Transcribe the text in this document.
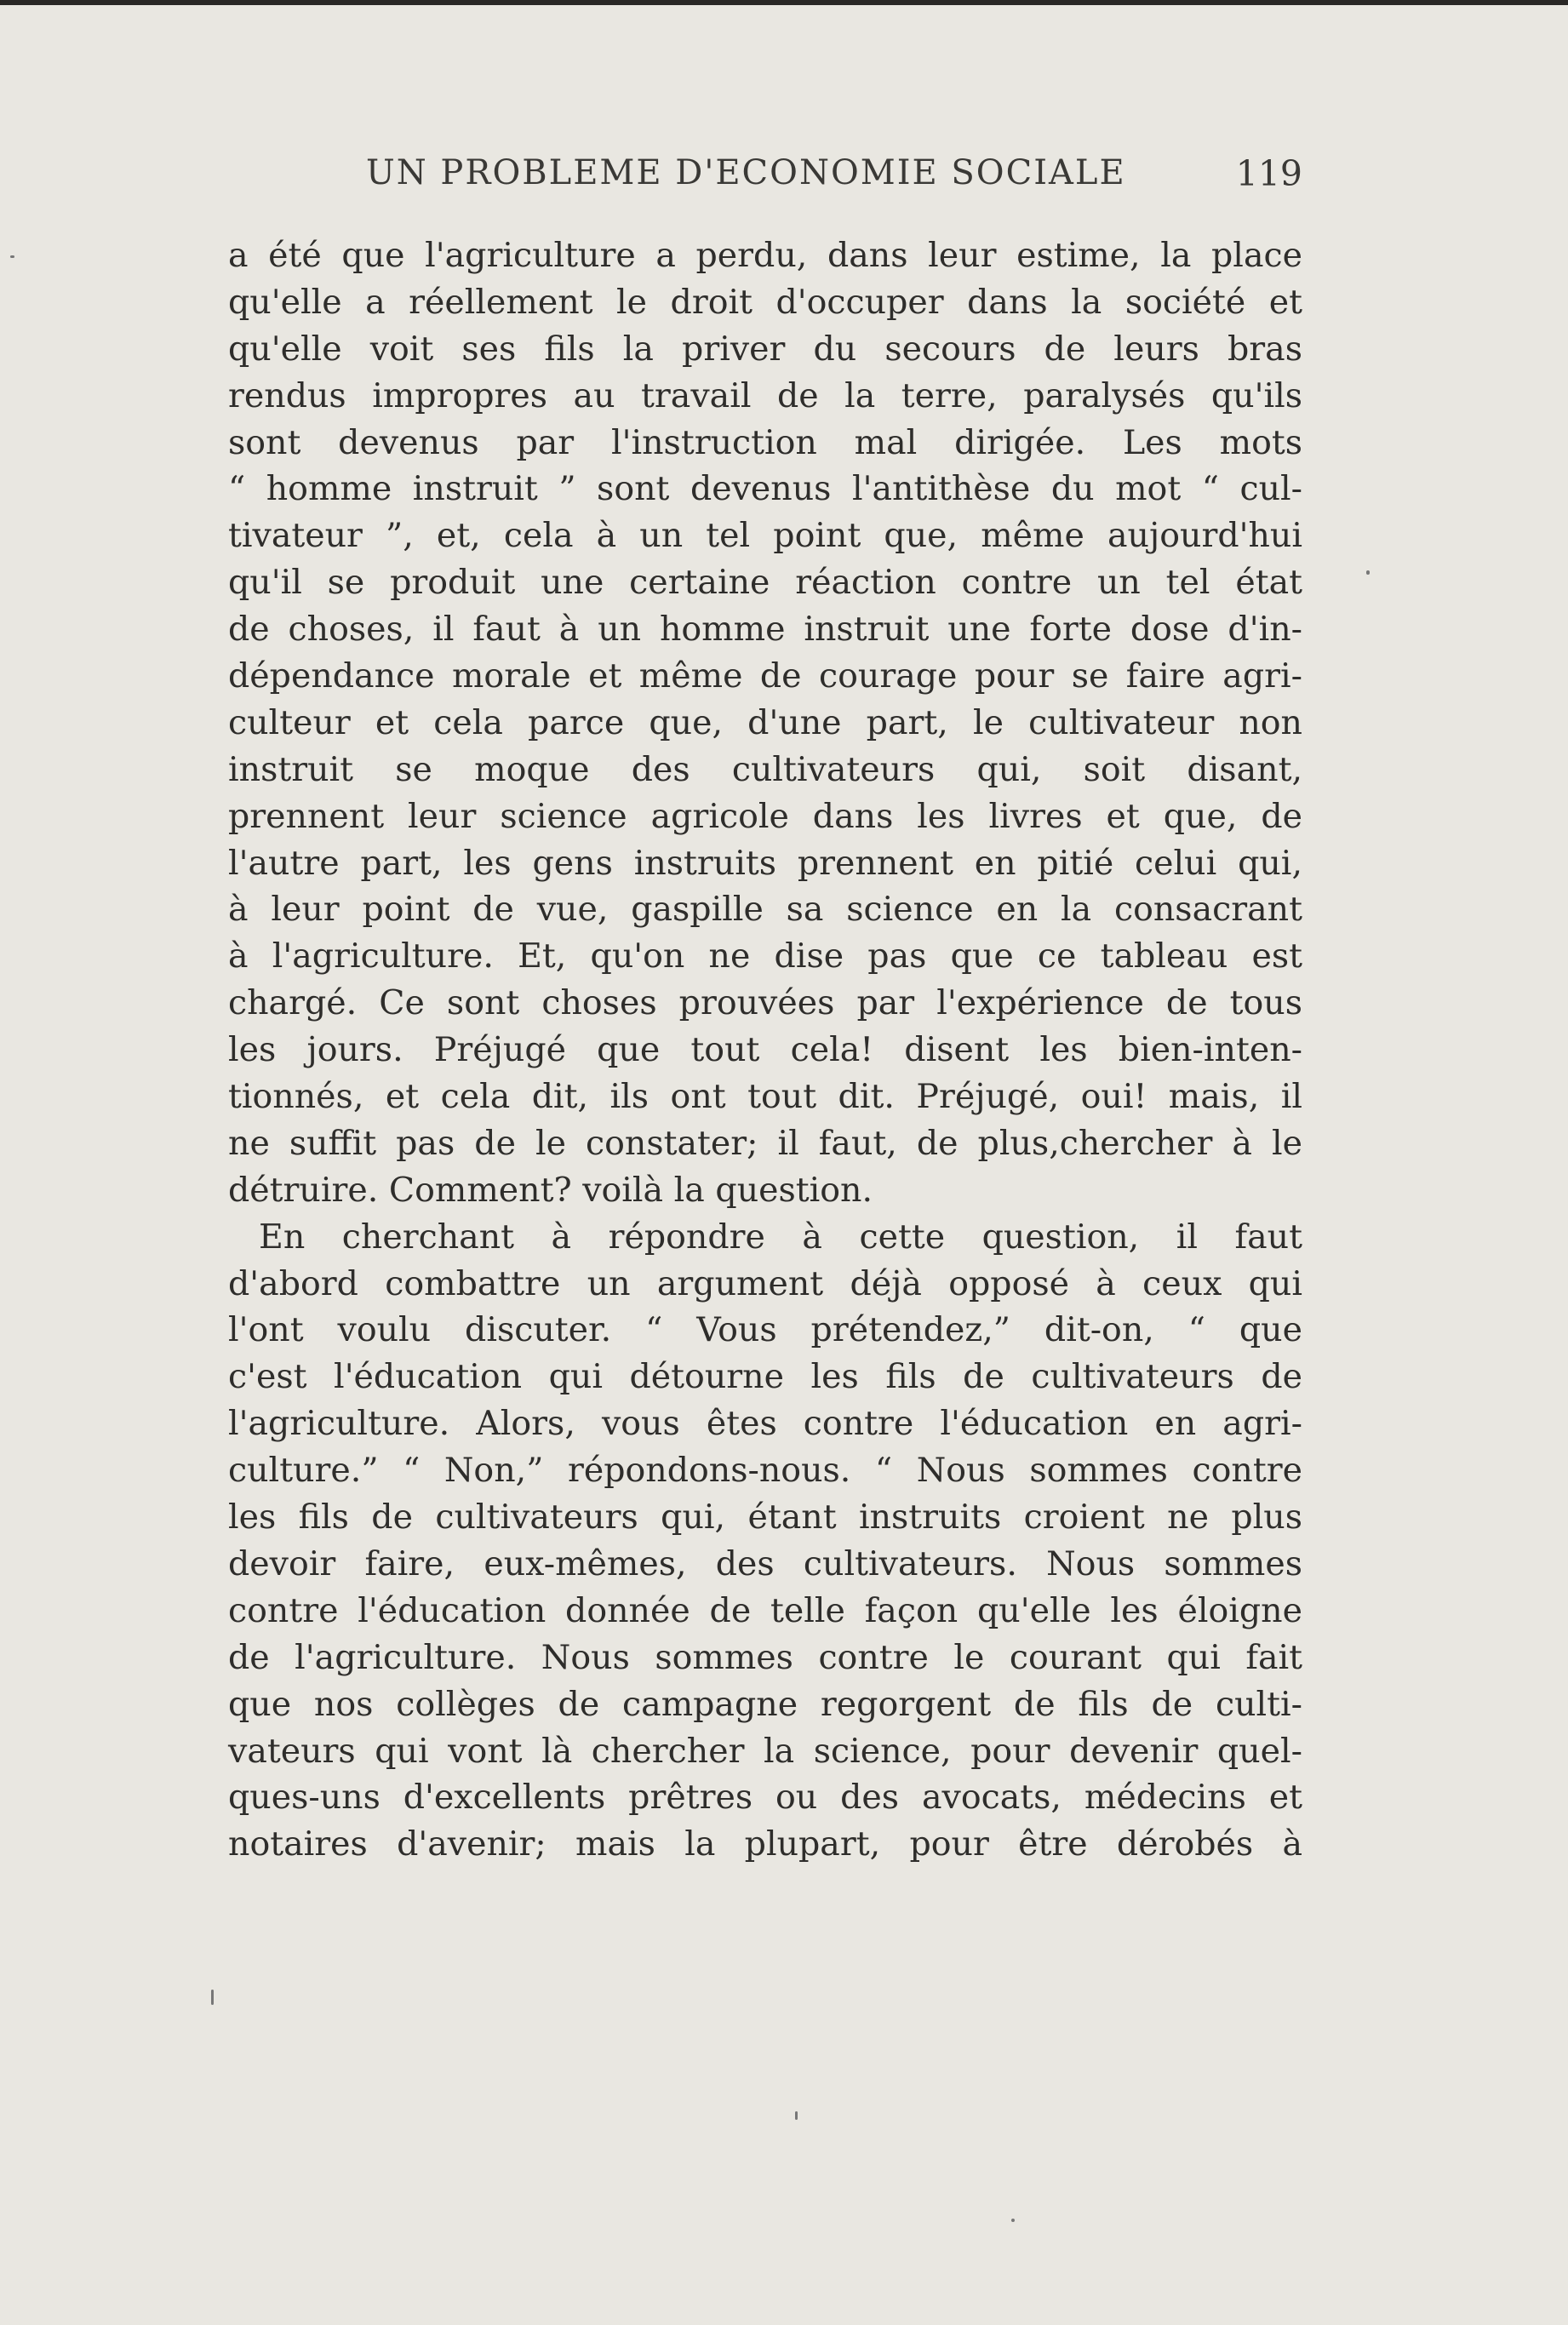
UN PROBLEME D'ECONOMIE SOCIALE	119
a été que l'agriculture a perdu, dans leur estime, la place
qu'elle a réellement le droit d'occuper dans la société et
qu'elle voit ses fils la priver du secours de leurs bras
rendus impropres au travail de la terre, paralysés qu'ils
sont devenus par l'instruction mal dirigée. Les mots
“ homme instruit ” sont devenus l'antithèse du mot “ cul-
tivateur ”, et, cela à un tel point que, même aujourd'hui
qu'il se produit une certaine réaction contre un tel état
de choses, il faut à un homme instruit une forte dose d'in-
dépendance morale et même de courage pour se faire agri-
culteur et cela parce que, d'une part, le cultivateur non
instruit se moque des cultivateurs qui, soit disant,
prennent leur science agricole dans les livres et que, de
l'autre part, les gens instruits prennent en pitié celui qui,
à leur point de vue, gaspille sa science en la consacrant
à l'agriculture. Et, qu'on ne dise pas que ce tableau est
chargé. Ce sont choses prouvées par l'expérience de tous
les jours. Préjugé que tout cela! disent les bien-inten-
tionnés, et cela dit, ils ont tout dit. Préjugé, oui! mais, il
ne suffit pas de le constater; il faut, de plus,chercher à le
détruire. Comment? voilà la question.
En cherchant à répondre à cette question, il faut
d'abord combattre un argument déjà opposé à ceux qui
l'ont voulu discuter. “ Vous prétendez,” dit-on, “ que
c'est l'éducation qui détourne les fils de cultivateurs de
l'agriculture. Alors, vous êtes contre l'éducation en agri-
culture.” “ Non,” répondons-nous. “ Nous sommes contre
les fils de cultivateurs qui, étant instruits croient ne plus
devoir faire, eux-mêmes, des cultivateurs. Nous sommes
contre l'éducation donnée de telle façon qu'elle les éloigne
de l'agriculture. Nous sommes contre le courant qui fait
que nos collèges de campagne regorgent de fils de culti-
vateurs qui vont là chercher la science, pour devenir quel-
ques-uns d'excellents prêtres ou des avocats, médecins et
notaires d'avenir; mais la plupart, pour être dérobés à
